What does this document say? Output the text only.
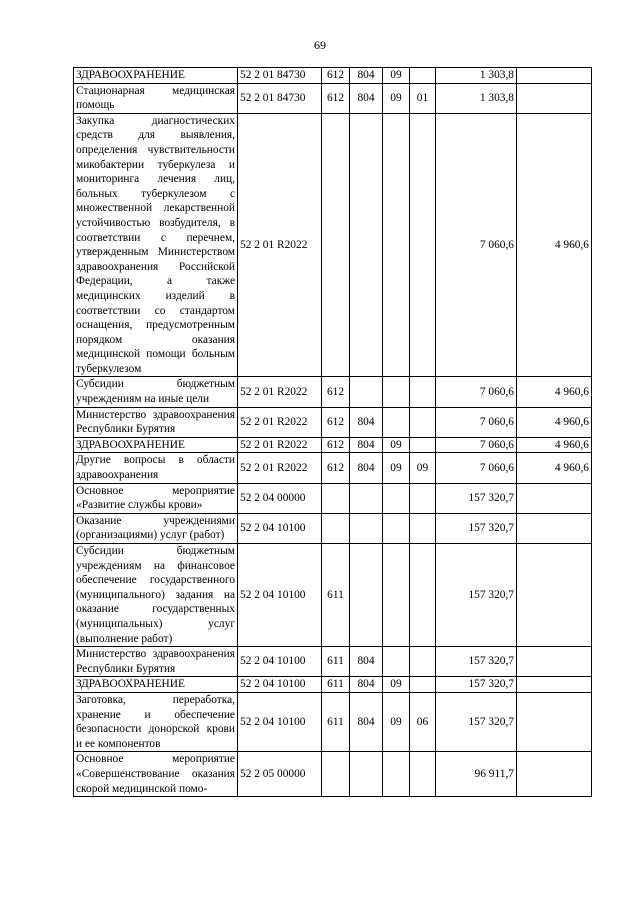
69
ЗДРАВООХРАНЕНИЕ	52 2 01 84730	612	804	09		1 303,8	
Стационарная медицинская помощь	52 2 01 84730	612	804	09	01	1 303,8	
Закупка диагностических средств для выявления, определения чувствительности микобактерии туберкулеза и мониторинга лечения лиц, больных туберкулезом с множественной лекарственной устойчивостью возбудителя, в соответствии с перечнем, утвержденным Министерством здравоохранения Российской Федерации, а также медицинских изделий в соответствии со стандартом оснащения, предусмотренным порядком оказания медицинской помощи больным туберкулезом	52 2 01 R2022					7 060,6	4 960,6
Субсидии бюджетным учреждениям на иные цели	52 2 01 R2022	612				7 060,6	4 960,6
Министерство здравоохранения Республики Бурятия	52 2 01 R2022	612	804			7 060,6	4 960,6
ЗДРАВООХРАНЕНИЕ	52 2 01 R2022	612	804	09		7 060,6	4 960,6
Другие вопросы в области здравоохранения	52 2 01 R2022	612	804	09	09	7 060,6	4 960,6
Основное мероприятие «Развитие службы крови»	52 2 04 00000					157 320,7	
Оказание учреждениями (организациями) услуг (работ)	52 2 04 10100					157 320,7	
Субсидии бюджетным учреждениям на финансовое обеспечение государственного (муниципального) задания на оказание государственных (муниципальных) услуг (выполнение работ)	52 2 04 10100	611				157 320,7	
Министерство здравоохранения Республики Бурятия	52 2 04 10100	611	804			157 320,7	
ЗДРАВООХРАНЕНИЕ	52 2 04 10100	611	804	09		157 320,7	
Заготовка, переработка, хранение и обеспечение безопасности донорской крови и ее компонентов	52 2 04 10100	611	804	09	06	157 320,7	
Основное мероприятие «Совершенствование оказания скорой медицинской помо-	52 2 05 00000					96 911,7	
